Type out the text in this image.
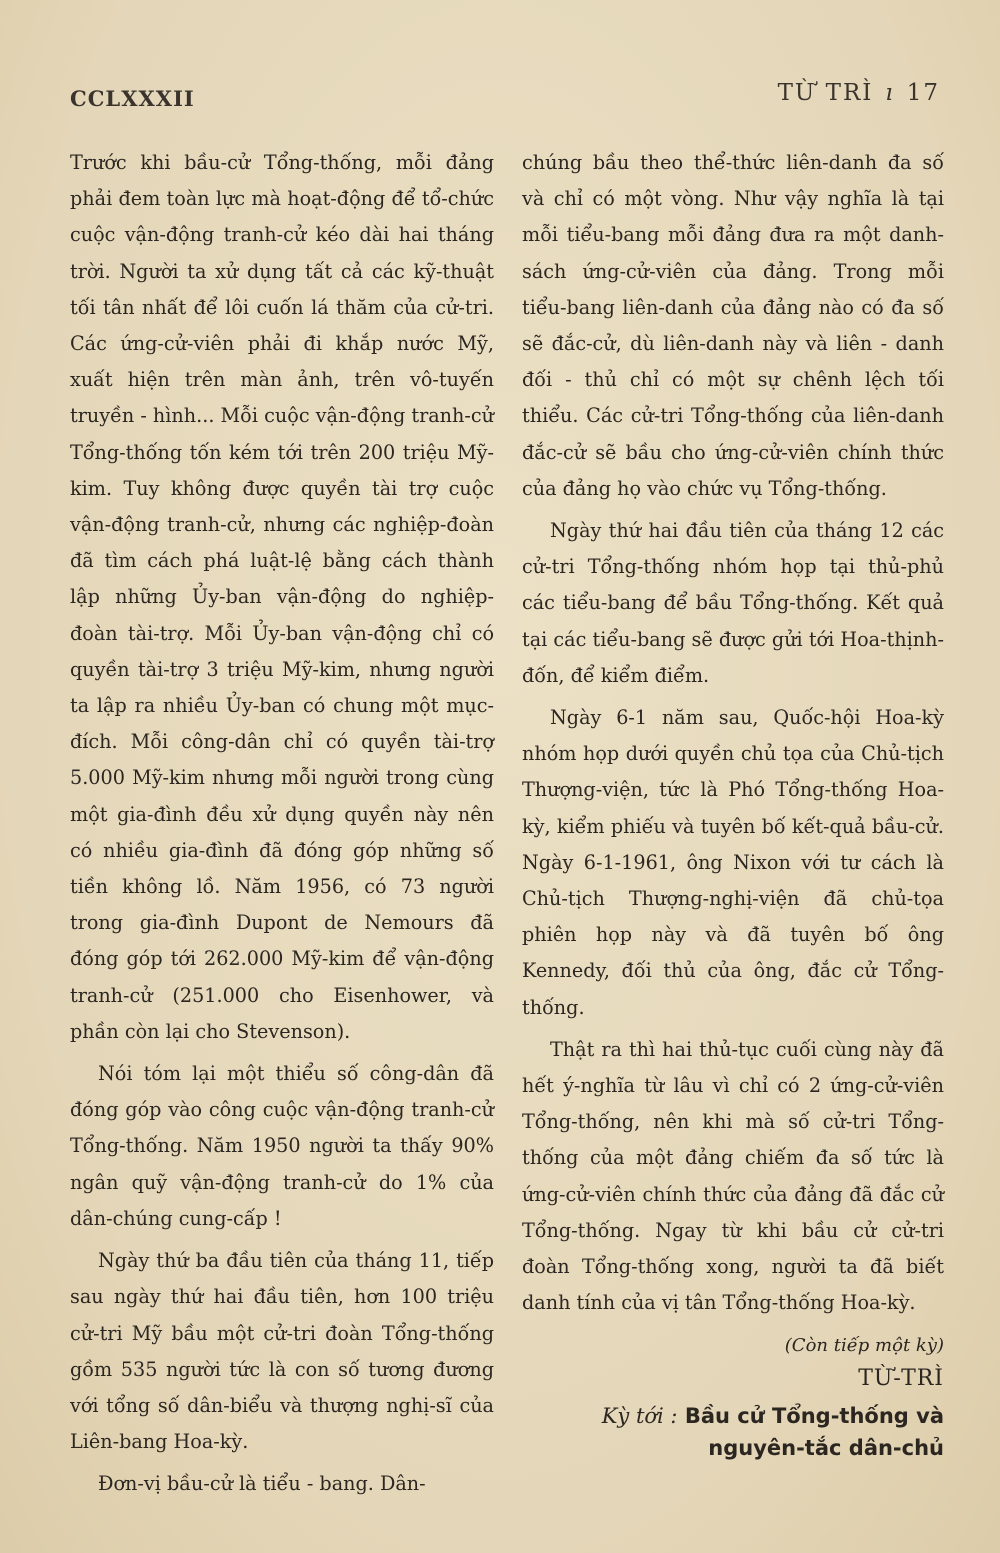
CCLXXXII	TỪ TRÌ ı 17

Trước khi bầu-cử Tổng-thống, mỗi đảng phải đem toàn lực mà hoạt-động để tổ-chức cuộc vận-động tranh-cử kéo dài hai tháng trời. Người ta xử dụng tất cả các kỹ-thuật tối tân nhất để lôi cuốn lá thăm của cử-tri. Các ứng-cử-viên phải đi khắp nước Mỹ, xuất hiện trên màn ảnh, trên vô-tuyến truyền - hình... Mỗi cuộc vận-động tranh-cử Tổng-thống tốn kém tới trên 200 triệu Mỹ-kim. Tuy không được quyền tài trợ cuộc vận-động tranh-cử, nhưng các nghiệp-đoàn đã tìm cách phá luật-lệ bằng cách thành lập những Ủy-ban vận-động do nghiệp-đoàn tài-trợ. Mỗi Ủy-ban vận-động chỉ có quyền tài-trợ 3 triệu Mỹ-kim, nhưng người ta lập ra nhiều Ủy-ban có chung một mục-đích. Mỗi công-dân chỉ có quyền tài-trợ 5.000 Mỹ-kim nhưng mỗi người trong cùng một gia-đình đều xử dụng quyền này nên có nhiều gia-đình đã đóng góp những số tiền không lồ. Năm 1956, có 73 người trong gia-đình Dupont de Nemours đã đóng góp tới 262.000 Mỹ-kim để vận-động tranh-cử (251.000 cho Eisenhower, và phần còn lại cho Stevenson).

Nói tóm lại một thiểu số công-dân đã đóng góp vào công cuộc vận-động tranh-cử Tổng-thống. Năm 1950 người ta thấy 90% ngân quỹ vận-động tranh-cử do 1% của dân-chúng cung-cấp !

Ngày thứ ba đầu tiên của tháng 11, tiếp sau ngày thứ hai đầu tiên, hơn 100 triệu cử-tri Mỹ bầu một cử-tri đoàn Tổng-thống gồm 535 người tức là con số tương đương với tổng số dân-biểu và thượng nghị-sĩ của Liên-bang Hoa-kỳ.

Đơn-vị bầu-cử là tiểu - bang. Dân-

chúng bầu theo thể-thức liên-danh đa số và chỉ có một vòng. Như vậy nghĩa là tại mỗi tiểu-bang mỗi đảng đưa ra một danh-sách ứng-cử-viên của đảng. Trong mỗi tiểu-bang liên-danh của đảng nào có đa số sẽ đắc-cử, dù liên-danh này và liên - danh đối - thủ chỉ có một sự chênh lệch tối thiểu. Các cử-tri Tổng-thống của liên-danh đắc-cử sẽ bầu cho ứng-cử-viên chính thức của đảng họ vào chức vụ Tổng-thống.

Ngày thứ hai đầu tiên của tháng 12 các cử-tri Tổng-thống nhóm họp tại thủ-phủ các tiểu-bang để bầu Tổng-thống. Kết quả tại các tiểu-bang sẽ được gửi tới Hoa-thịnh-đốn, để kiểm điểm.

Ngày 6-1 năm sau, Quốc-hội Hoa-kỳ nhóm họp dưới quyền chủ tọa của Chủ-tịch Thượng-viện, tức là Phó Tổng-thống Hoa-kỳ, kiểm phiếu và tuyên bố kết-quả bầu-cử. Ngày 6-1-1961, ông Nixon với tư cách là Chủ-tịch Thượng-nghị-viện đã chủ-tọa phiên họp này và đã tuyên bố ông Kennedy, đối thủ của ông, đắc cử Tổng-thống.

Thật ra thì hai thủ-tục cuối cùng này đã hết ý-nghĩa từ lâu vì chỉ có 2 ứng-cử-viên Tổng-thống, nên khi mà số cử-tri Tổng-thống của một đảng chiếm đa số tức là ứng-cử-viên chính thức của đảng đã đắc cử Tổng-thống. Ngay từ khi bầu cử cử-tri đoàn Tổng-thống xong, người ta đã biết danh tính của vị tân Tổng-thống Hoa-kỳ.

(Còn tiếp một kỳ)
TỪ-TRÌ
Kỳ tới : Bầu cử Tổng-thống và
nguyên-tắc dân-chủ
